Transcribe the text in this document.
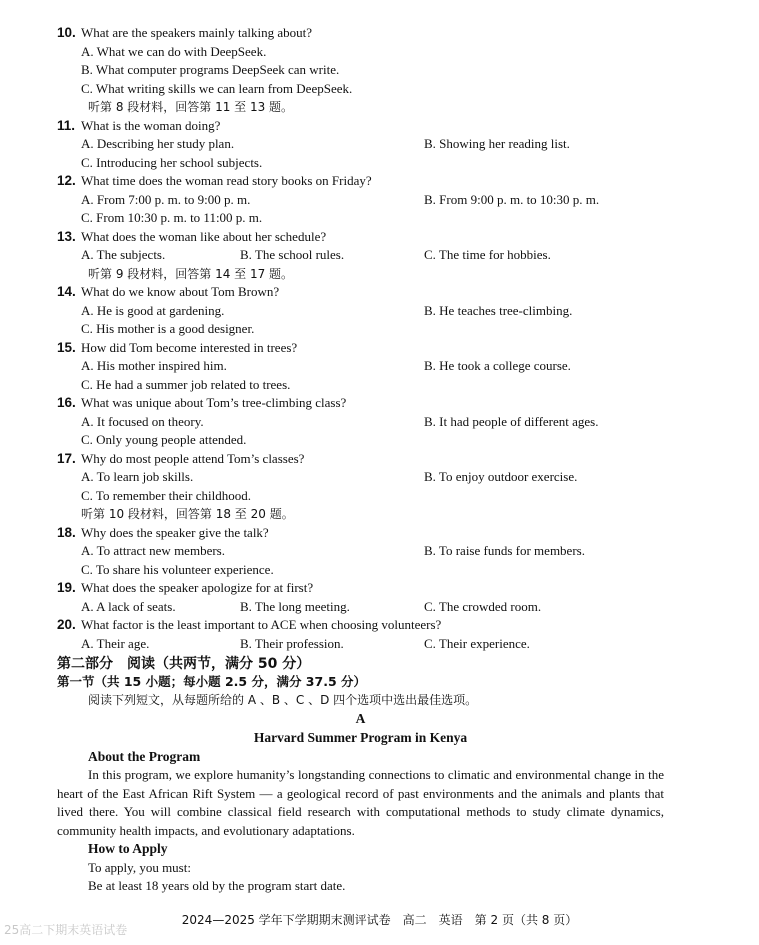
10. What are the speakers mainly talking about?
A. What we can do with DeepSeek.
B. What computer programs DeepSeek can write.
C. What writing skills we can learn from DeepSeek.
听第 8 段材料，回答第 11 至 13 题。
11. What is the woman doing?
A. Describing her study plan.	B. Showing her reading list.
C. Introducing her school subjects.
12. What time does the woman read story books on Friday?
A. From 7:00 p. m. to 9:00 p. m.	B. From 9:00 p. m. to 10:30 p. m.
C. From 10:30 p. m. to 11:00 p. m.
13. What does the woman like about her schedule?
A. The subjects.	B. The school rules.	C. The time for hobbies.
听第 9 段材料，回答第 14 至 17 题。
14. What do we know about Tom Brown?
A. He is good at gardening.	B. He teaches tree-climbing.
C. His mother is a good designer.
15. How did Tom become interested in trees?
A. His mother inspired him.	B. He took a college course.
C. He had a summer job related to trees.
16. What was unique about Tom’s tree-climbing class?
A. It focused on theory.	B. It had people of different ages.
C. Only young people attended.
17. Why do most people attend Tom’s classes?
A. To learn job skills.	B. To enjoy outdoor exercise.
C. To remember their childhood.
听第 10 段材料，回答第 18 至 20 题。
18. Why does the speaker give the talk?
A. To attract new members.	B. To raise funds for members.
C. To share his volunteer experience.
19. What does the speaker apologize for at first?
A. A lack of seats.	B. The long meeting.	C. The crowded room.
20. What factor is the least important to ACE when choosing volunteers?
A. Their age.	B. Their profession.	C. Their experience.
第二部分　阅读（共两节，满分 50 分）
第一节（共 15 小题；每小题 2.5 分，满分 37.5 分）
阅读下列短文，从每题所给的 A 、B 、C 、D 四个选项中选出最佳选项。
A
Harvard Summer Program in Kenya
About the Program
In this program, we explore humanity’s longstanding connections to climatic and environmental change in the heart of the East African Rift System — a geological record of past environments and the animals and plants that lived there. You will combine classical field research with computational methods to study climate dynamics, community health impacts, and evolutionary adaptations.
How to Apply
To apply, you must:
Be at least 18 years old by the program start date.
2024—2025 学年下学期期末测评试卷　高二　英语　第 2 页（共 8 页）
25高二下期末英语试卷
